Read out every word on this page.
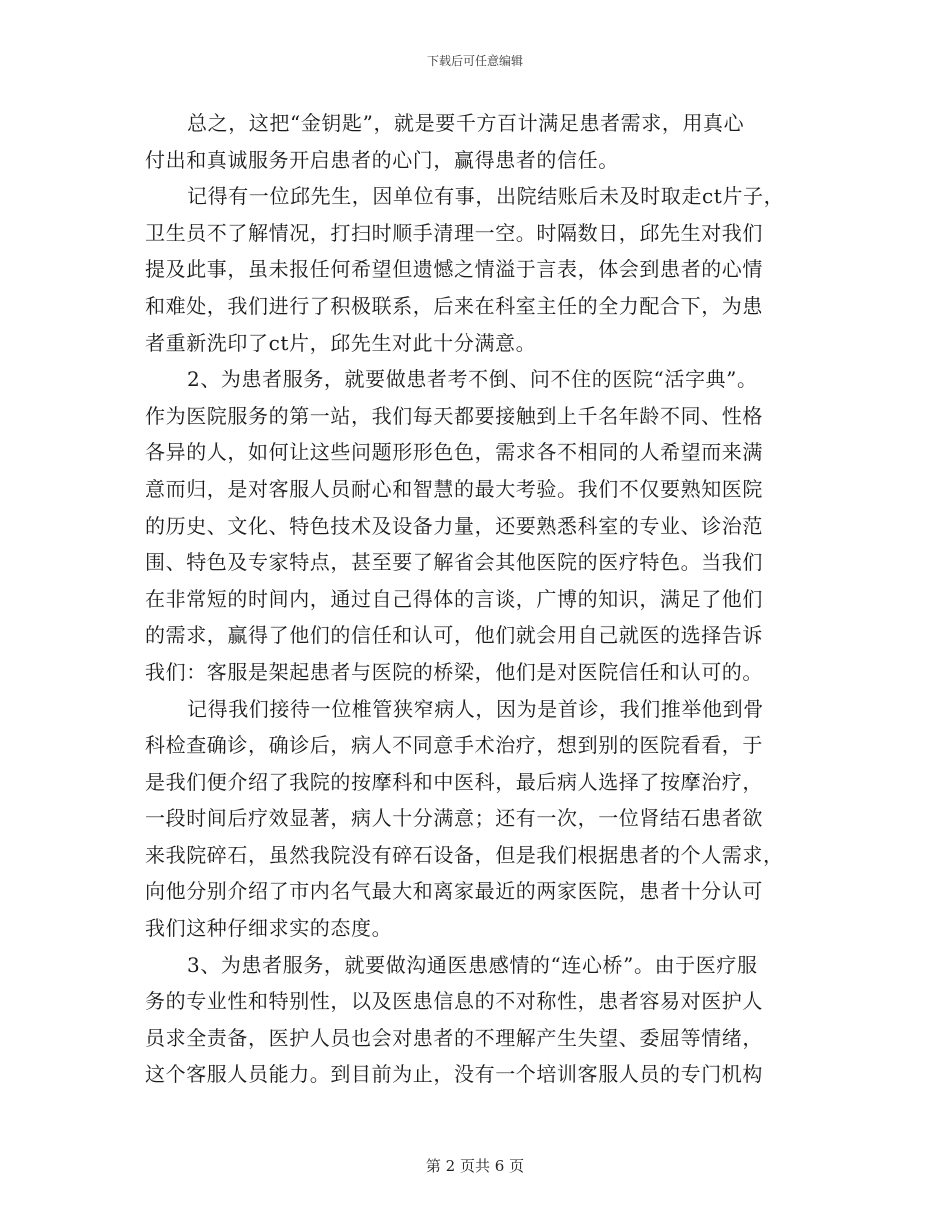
下载后可任意编辑
总之，这把“金钥匙”，就是要千方百计满足患者需求，用真心
付出和真诚服务开启患者的心门，赢得患者的信任。
记得有一位邱先生，因单位有事，出院结账后未及时取走ct片子，
卫生员不了解情况，打扫时顺手清理一空。时隔数日，邱先生对我们
提及此事，虽未报任何希望但遗憾之情溢于言表，体会到患者的心情
和难处，我们进行了积极联系，后来在科室主任的全力配合下，为患
者重新洗印了ct片，邱先生对此十分满意。
2、为患者服务，就要做患者考不倒、问不住的医院“活字典”。
作为医院服务的第一站，我们每天都要接触到上千名年龄不同、性格
各异的人，如何让这些问题形形色色，需求各不相同的人希望而来满
意而归，是对客服人员耐心和智慧的最大考验。我们不仅要熟知医院
的历史、文化、特色技术及设备力量，还要熟悉科室的专业、诊治范
围、特色及专家特点，甚至要了解省会其他医院的医疗特色。当我们
在非常短的时间内，通过自己得体的言谈，广博的知识，满足了他们
的需求，赢得了他们的信任和认可，他们就会用自己就医的选择告诉
我们：客服是架起患者与医院的桥梁，他们是对医院信任和认可的。
记得我们接待一位椎管狭窄病人，因为是首诊，我们推举他到骨
科检查确诊，确诊后，病人不同意手术治疗，想到别的医院看看，于
是我们便介绍了我院的按摩科和中医科，最后病人选择了按摩治疗，
一段时间后疗效显著，病人十分满意；还有一次，一位肾结石患者欲
来我院碎石，虽然我院没有碎石设备，但是我们根据患者的个人需求，
向他分别介绍了市内名气最大和离家最近的两家医院，患者十分认可
我们这种仔细求实的态度。
3、为患者服务，就要做沟通医患感情的“连心桥”。由于医疗服
务的专业性和特别性，以及医患信息的不对称性，患者容易对医护人
员求全责备，医护人员也会对患者的不理解产生失望、委屈等情绪，
这个客服人员能力。到目前为止，没有一个培训客服人员的专门机构
第 2 页共 6 页
